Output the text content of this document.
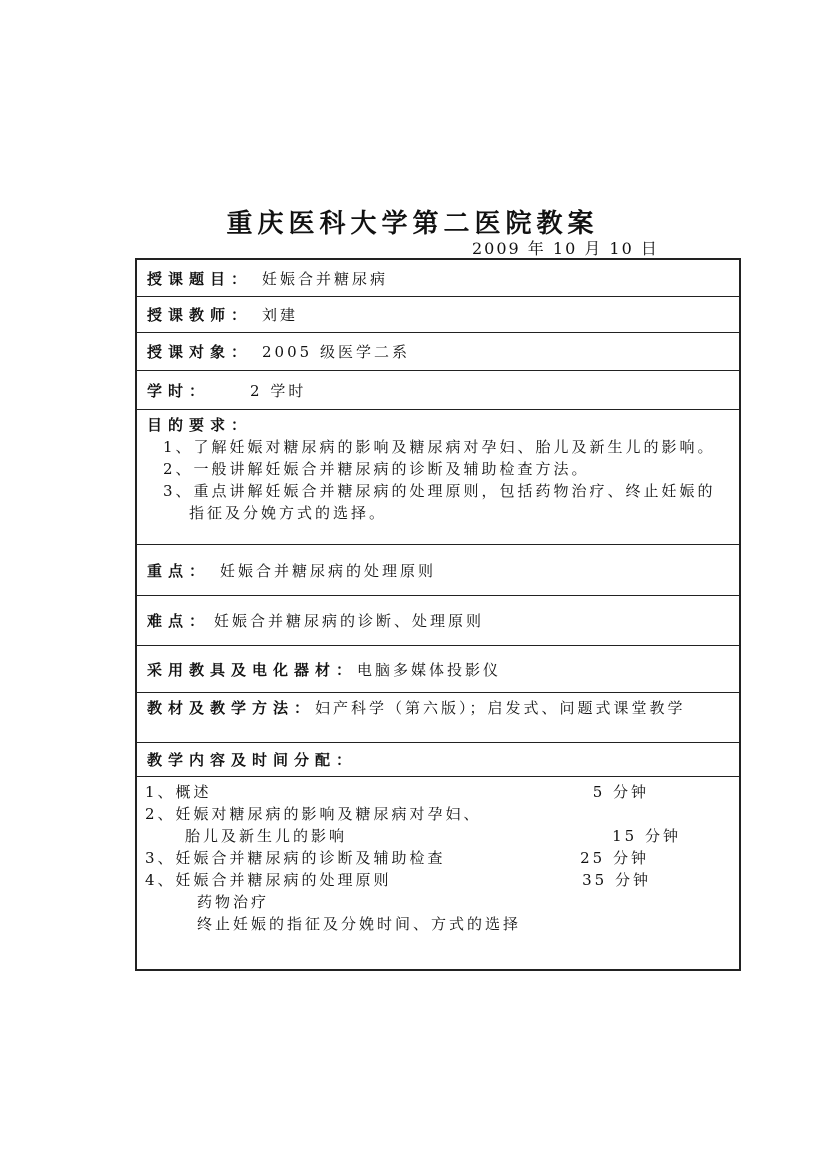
重庆医科大学第二医院教案
2009 年 10 月 10 日
授课题目： 妊娠合并糖尿病
授课教师： 刘建
授课对象： 2005 级医学二系
学时：	2 学时
目的要求：
1、了解妊娠对糖尿病的影响及糖尿病对孕妇、胎儿及新生儿的影响。
2、一般讲解妊娠合并糖尿病的诊断及辅助检查方法。
3、重点讲解妊娠合并糖尿病的处理原则，包括药物治疗、终止妊娠的指征及分娩方式的选择。
重点： 妊娠合并糖尿病的处理原则
难点： 妊娠合并糖尿病的诊断、处理原则
采用教具及电化器材： 电脑多媒体投影仪
教材及教学方法：妇产科学（第六版）；启发式、问题式课堂教学
教学内容及时间分配：
1、概述	5 分钟
2、妊娠对糖尿病的影响及糖尿病对孕妇、
胎儿及新生儿的影响	15 分钟
3、妊娠合并糖尿病的诊断及辅助检查	25 分钟
4、妊娠合并糖尿病的处理原则	35 分钟
药物治疗
终止妊娠的指征及分娩时间、方式的选择
